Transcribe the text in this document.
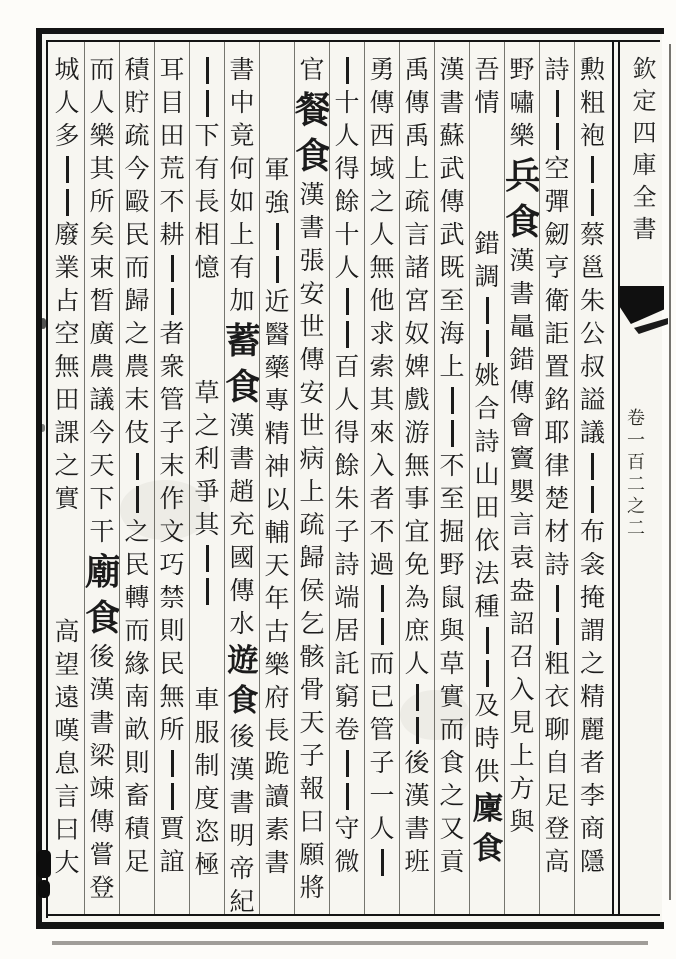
勲
粗
袍
蔡
邕
朱
公
叔
謚
議
布
衾
掩
謂
之
精
麗
者
李
商
隱
詩
空
彈
劒
亨
衛
詎
置
銘
耶
律
楚
材
詩
粗
衣
聊
自
足
登
高
野
嘯
樂
兵
食
漢
書
鼂
錯
傳
會
竇
嬰
言
袁
盎
詔
召
入
見
上
方
與
吾
情
錯
調
姚
合
詩
山
田
依
法
種
及
時
供
廩
食
漢
書
蘇
武
傳
武
既
至
海
上
不
至
掘
野
鼠
與
草
實
而
食
之
又
貢
禹
傳
禹
上
疏
言
諸
宮
奴
婢
戲
游
無
事
宜
免
為
庶
人
後
漢
書
班
勇
傳
西
域
之
人
無
他
求
索
其
來
入
者
不
過
而
已
管
子
一
人
十
人
得
餘
十
人
百
人
得
餘
朱
子
詩
端
居
託
窮
卷
守
微
官
餐
食
漢
書
張
安
世
傳
安
世
病
上
疏
歸
侯
乞
骸
骨
天
子
報
曰
願
將
軍
強
近
醫
藥
專
精
神
以
輔
天
年
古
樂
府
長
跪
讀
素
書
書
中
竟
何
如
上
有
加
蓄
食
漢
書
趙
充
國
傳
水
遊
食
後
漢
書
明
帝
紀
下
有
長
相
憶
草
之
利
爭
其
車
服
制
度
恣
極
耳
目
田
荒
不
耕
者
衆
管
子
末
作
文
巧
禁
則
民
無
所
賈
誼
積
貯
疏
今
毆
民
而
歸
之
農
末
伎
之
民
轉
而
緣
南
畝
則
畜
積
足
而
人
樂
其
所
矣
束
晳
廣
農
議
今
天
下
干
廟
食
後
漢
書
梁
竦
傳
嘗
登
城
人
多
廢
業
占
空
無
田
課
之
實
高
望
遠
嘆
息
言
曰
大
欽定四庫全書
卷一百二之二
